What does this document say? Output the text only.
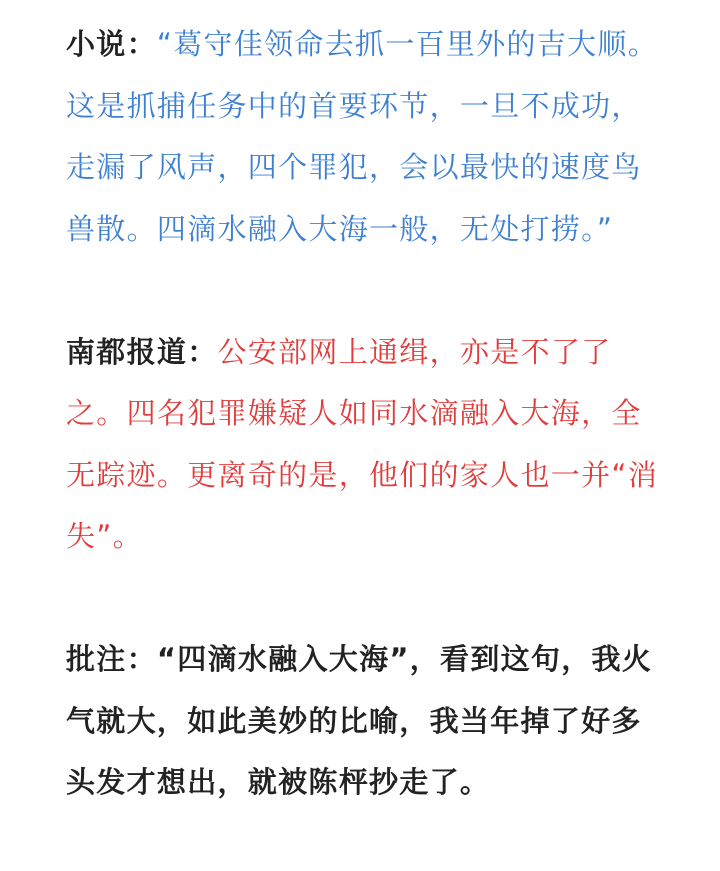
小说：“葛守佳领命去抓一百里外的吉大顺。这是抓捕任务中的首要环节，一旦不成功，走漏了风声，四个罪犯，会以最快的速度鸟兽散。四滴水融入大海一般，无处打捞。”

南都报道：公安部网上通缉，亦是不了了之。四名犯罪嫌疑人如同水滴融入大海，全无踪迹。更离奇的是，他们的家人也一并“消失”。

批注：“四滴水融入大海”，看到这句，我火气就大，如此美妙的比喻，我当年掉了好多头发才想出，就被陈枰抄走了。
